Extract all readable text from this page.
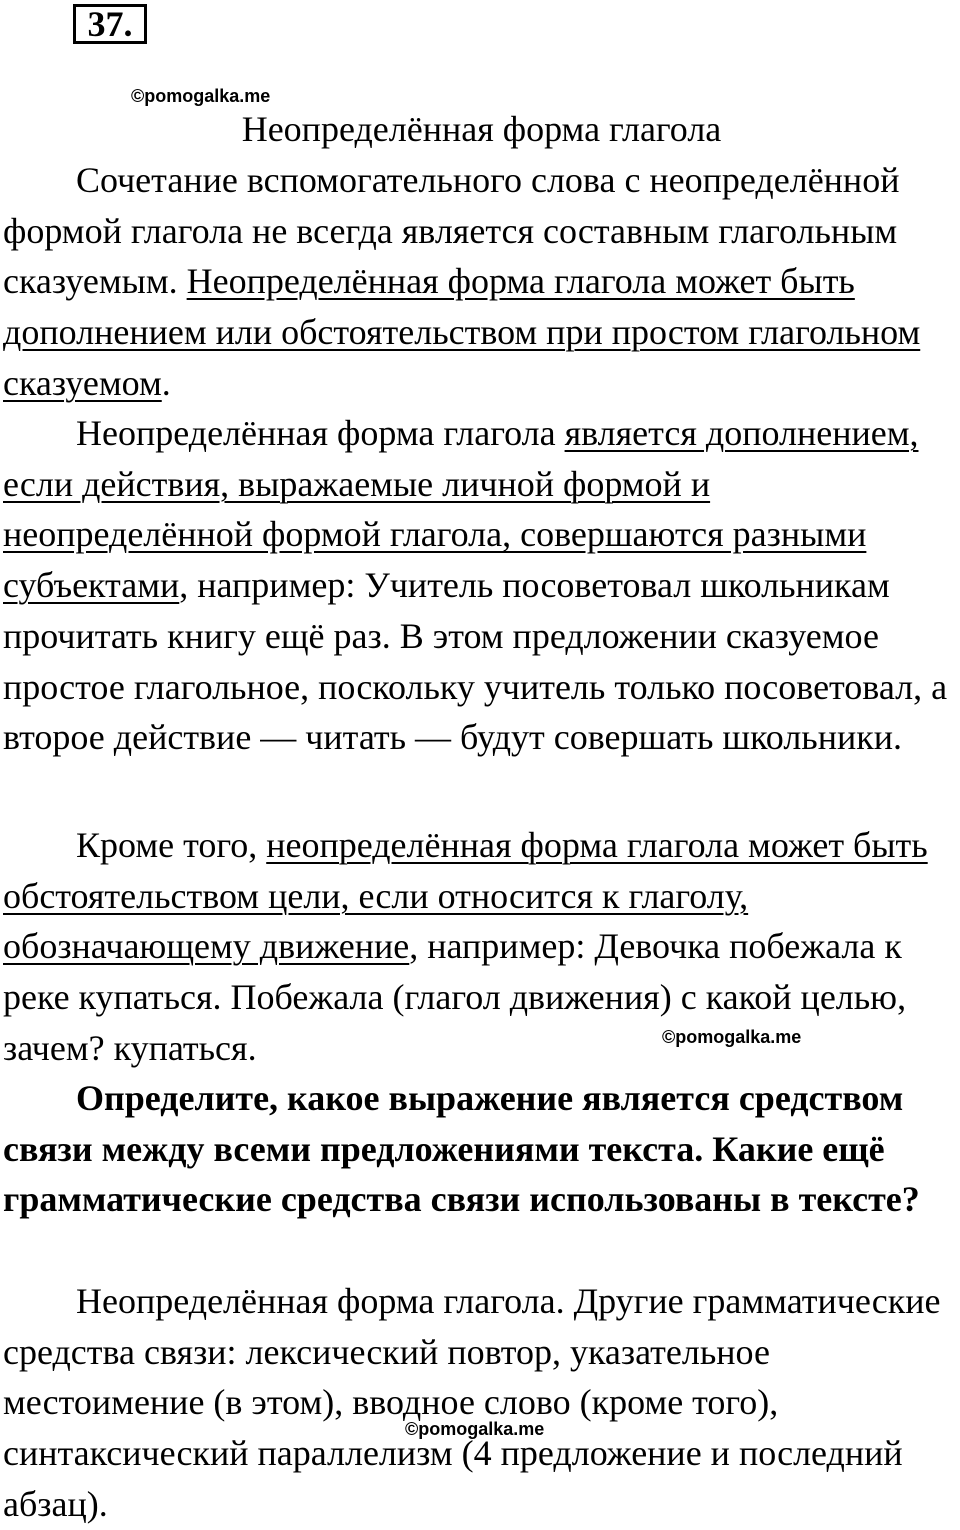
37.
©pomogalka.me
Неопределённая форма глагола

Сочетание вспомогательного слова с неопределённой формой глагола не всегда является составным глагольным сказуемым. Неопределённая форма глагола может быть дополнением или обстоятельством при простом глагольном сказуемом.

Неопределённая форма глагола является дополнением, если действия, выражаемые личной формой и неопределённой формой глагола, совершаются разными субъектами, например: Учитель посоветовал школьникам прочитать книгу ещё раз. В этом предложении сказуемое простое глагольное, поскольку учитель только посоветовал, а второе действие — читать — будут совершать школьники.

Кроме того, неопределённая форма глагола может быть обстоятельством цели, если относится к глаголу, обозначающему движение, например: Девочка побежала к реке купаться. Побежала (глагол движения) с какой целью, зачем? купаться.	©pomogalka.me

Определите, какое выражение является средством связи между всеми предложениями текста. Какие ещё грамматические средства связи использованы в тексте?

Неопределённая форма глагола. Другие грамматические средства связи: лексический повтор, указательное местоимение (в этом), вводное слово (кроме того), синтаксический параллелизм (4 предложение и последний абзац).

©pomogalka.me
